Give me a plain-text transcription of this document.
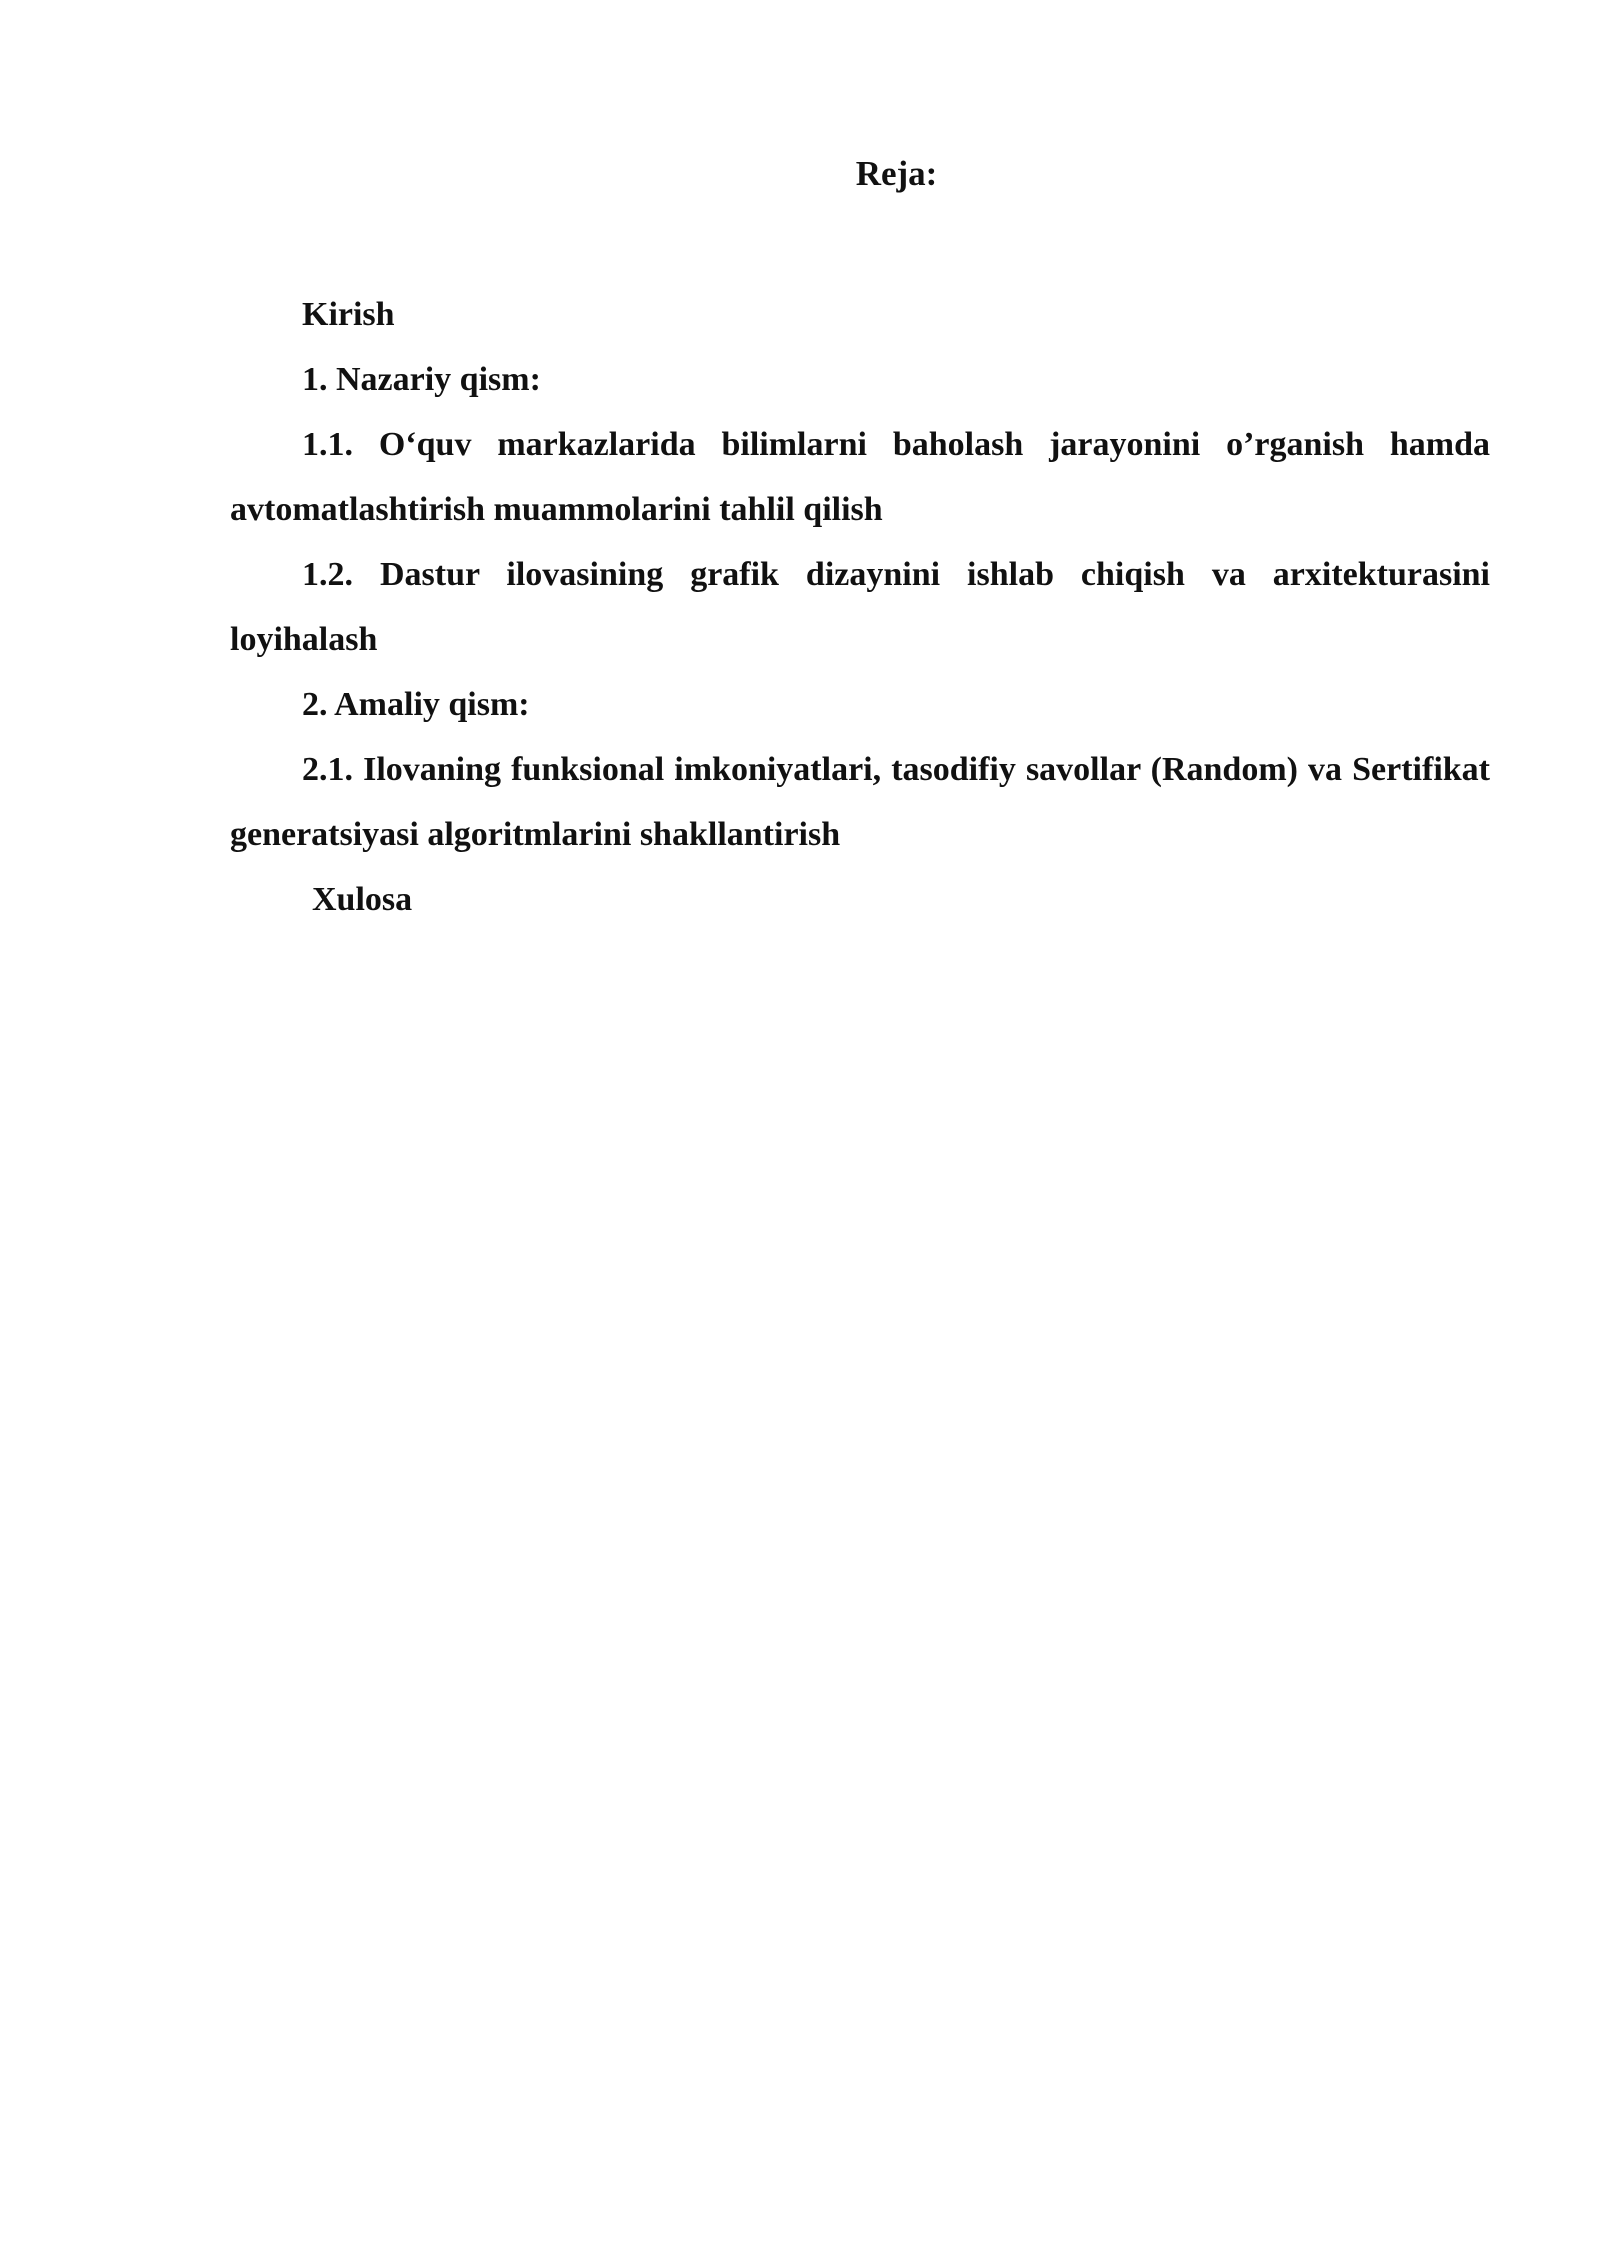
Reja:

Kirish

1. Nazariy qism:

1.1. O‘quv markazlarida bilimlarni baholash jarayonini o’rganish hamda avtomatlashtirish muammolarini tahlil qilish

1.2. Dastur ilovasining grafik dizaynini ishlab chiqish va arxitekturasini loyihalash

2. Amaliy qism:

2.1. Ilovaning funksional imkoniyatlari, tasodifiy savollar (Random) va Sertifikat generatsiyasi algoritmlarini shakllantirish

Xulosa
